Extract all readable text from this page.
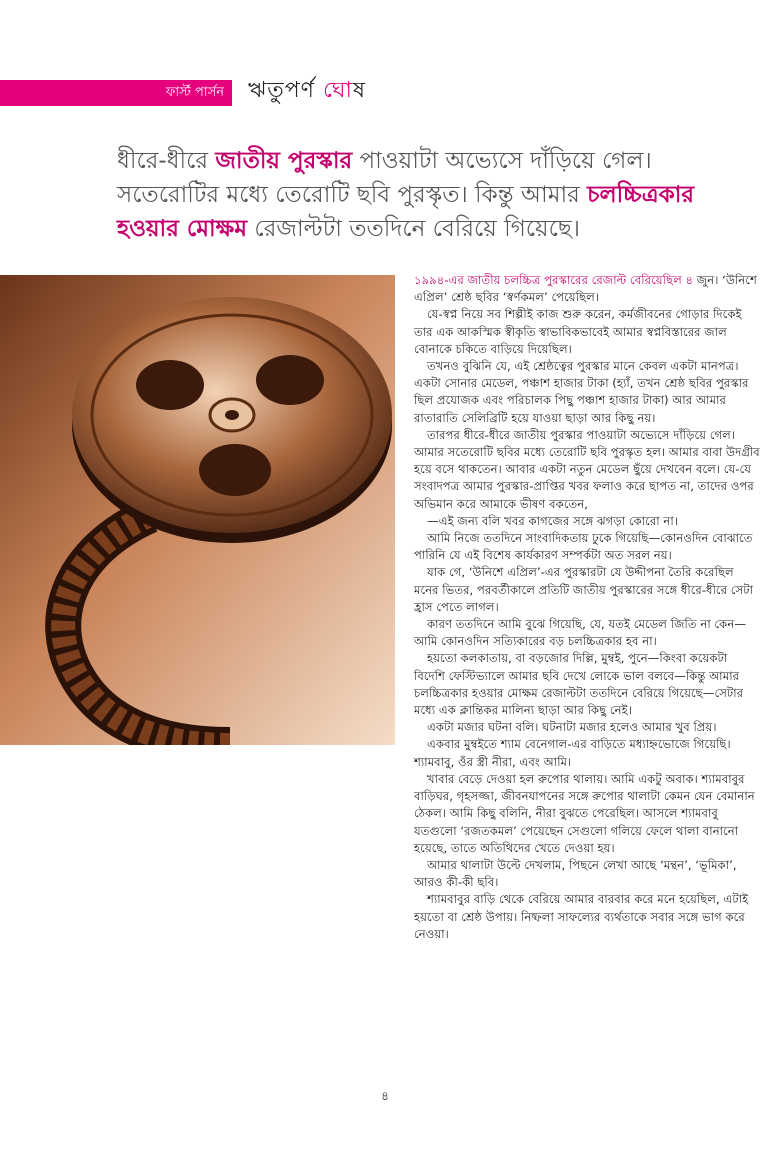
ফার্স্ট পার্সন ঋতুপর্ণ ঘোষ
ধীরে-ধীরে জাতীয় পুরস্কার পাওয়াটা অভ্যেসে দাঁড়িয়ে গেল। সতেরোটির মধ্যে তেরোটি ছবি পুরস্কৃত। কিন্তু আমার চলচ্চিত্রকার হওয়ার মোক্ষম রেজাল্টটা ততদিনে বেরিয়ে গিয়েছে।

১৯৯৪-এর জাতীয় চলচ্চিত্র পুরস্কারের রেজাল্ট বেরিয়েছিল ৪ জুন। ‘উনিশে এপ্রিল’ শ্রেষ্ঠ ছবির ‘স্বর্ণকমল’ পেয়েছিল।

যে-স্বপ্ন নিয়ে সব শিল্পীই কাজ শুরু করেন, কর্মজীবনের গোড়ার দিকেই তার এক আকস্মিক স্বীকৃতি স্বাভাবিকভাবেই আমার স্বপ্নবিস্তারের জাল বোনাকে চকিতে বাড়িয়ে দিয়েছিল।

তখনও বুঝিনি যে, এই শ্রেষ্ঠত্বের পুরস্কার মানে কেবল একটা মানপত্র। একটা সোনার মেডেল, পঞ্চাশ হাজার টাকা (হ্যাঁ, তখন শ্রেষ্ঠ ছবির পুরস্কার ছিল প্রযোজক এবং পরিচালক পিছু পঞ্চাশ হাজার টাকা) আর আমার রাতারাতি সেলিব্রিটি হয়ে যাওয়া ছাড়া আর কিছু নয়।

তারপর ধীরে-ধীরে জাতীয় পুরস্কার পাওয়াটা অভ্যেসে দাঁড়িয়ে গেল। আমার সতেরোটি ছবির মধ্যে তেরোটি ছবি পুরস্কৃত হল। আমার বাবা উদগ্রীব হয়ে বসে থাকতেন। আবার একটা নতুন মেডেল ছুঁয়ে দেখবেন বলে। যে-যে সংবাদপত্র আমার পুরস্কার-প্রাপ্তির খবর ফলাও করে ছাপত না, তাদের ওপর অভিমান করে আমাকে ভীষণ বকতেন,

—এই জন্য বলি খবর কাগজের সঙ্গে ঝগড়া কোরো না।

আমি নিজে ততদিনে সাংবাদিকতায় ঢুকে গিয়েছি—কোনওদিন বোঝাতে পারিনি যে এই বিশেষ কার্যকারণ সম্পর্কটা অত সরল নয়।

যাক গে, ‘উনিশে এপ্রিল’-এর পুরস্কারটা যে উদ্দীপনা তৈরি করেছিল মনের ভিতর, পরবর্তীকালে প্রতিটি জাতীয় পুরস্কারের সঙ্গে ধীরে-ধীরে সেটা হ্রাস পেতে লাগল।

কারণ ততদিনে আমি বুঝে গিয়েছি, যে, যতই মেডেল জিতি না কেন—আমি কোনওদিন সত্যিকারের বড় চলচ্চিত্রকার হব না।

হয়তো কলকাতায়, বা বড়জোর দিল্লি, মুম্বই, পুনে—কিংবা কয়েকটা বিদেশি ফেস্টিভ্যালে আমার ছবি দেখে লোকে ভাল বলবে—কিন্তু আমার চলচ্চিত্রকার হওয়ার মোক্ষম রেজাল্টটা ততদিনে বেরিয়ে গিয়েছে—সেটার মধ্যে এক ক্লান্তিকর মালিন্য ছাড়া আর কিছু নেই।

একটা মজার ঘটনা বলি। ঘটনাটা মজার হলেও আমার খুব প্রিয়।

একবার মুম্বইতে শ্যাম বেনেগাল-এর বাড়িতে মধ্যাহ্নভোজে গিয়েছি। শ্যামবাবু, ওঁর স্ত্রী নীরা, এবং আমি।

খাবার বেড়ে দেওয়া হল রুপোর থালায়। আমি একটু অবাক। শ্যামবাবুর বাড়িঘর, গৃহসজ্জা, জীবনযাপনের সঙ্গে রুপোর থালাটা কেমন যেন বেমানান ঠেকল। আমি কিছু বলিনি, নীরা বুঝতে পেরেছিল। আসলে শ্যামবাবু যতগুলো ‘রজতকমল’ পেয়েছেন সেগুলো গলিয়ে ফেলে থালা বানানো হয়েছে, তাতে অতিথিদের খেতে দেওয়া হয়।

আমার থালাটা উল্টে দেখলাম, পিছনে লেখা আছে ‘মন্থন’, ‘ভূমিকা’, আরও কী-কী ছবি।

শ্যামবাবুর বাড়ি থেকে বেরিয়ে আমার বারবার করে মনে হয়েছিল, এটাই হয়তো বা শ্রেষ্ঠ উপায়। নিষ্ফলা সাফল্যের ব্যর্থতাকে সবার সঙ্গে ভাগ করে নেওয়া।

৪
